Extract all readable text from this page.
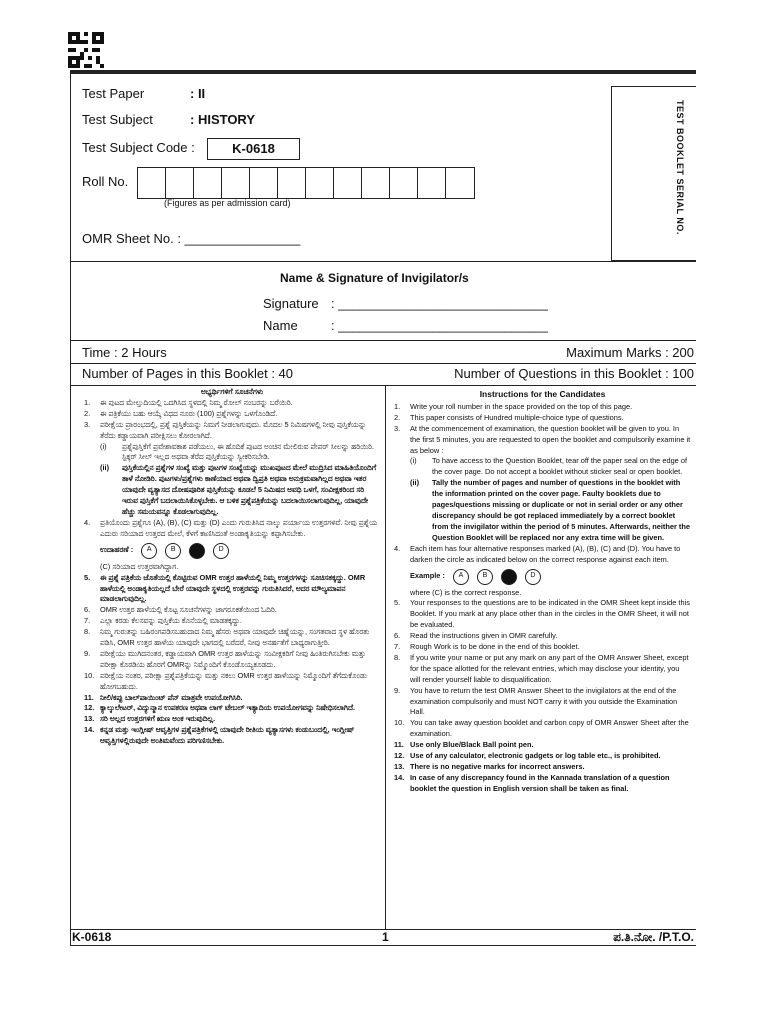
Test Paper	: II
Test Subject	: HISTORY
Test Subject Code :	K-0618
Roll No.
(Figures as per admission card)
OMR Sheet No. : ________________
TEST BOOKLET SERIAL NO.
Name & Signature of Invigilator/s
Signature : _____________________________
Name	: _____________________________
Time : 2 Hours	Maximum Marks : 200
Number of Pages in this Booklet : 40	Number of Questions in this Booklet : 100
ಅಭ್ಯರ್ಥಿಗಳಿಗೆ ಸೂಚನೆಗಳು
1.	ಈ ಪುಟದ ಮೇಲ್ತುದಿಯಲ್ಲಿ ಒದಗಿಸಿದ ಸ್ಥಳದಲ್ಲಿ ನಿಮ್ಮ ರೋಲ್ ನಂಬರನ್ನು ಬರೆಯಿರಿ.
2.	ಈ ಪತ್ರಿಕೆಯು ಬಹು ಆಯ್ಕೆ ವಿಧದ ನೂರು (100) ಪ್ರಶ್ನೆಗಳನ್ನು ಒಳಗೊಂಡಿದೆ.
3.	ಪರೀಕ್ಷೆಯ ಪ್ರಾರಂಭದಲ್ಲಿ, ಪ್ರಶ್ನೆ ಪುಸ್ತಿಕೆಯನ್ನು ನಿಮಗೆ ನೀಡಲಾಗುವುದು. ಮೊದಲ 5 ನಿಮಿಷಗಳಲ್ಲಿ ನೀವು ಪುಸ್ತಿಕೆಯನ್ನು ತೆರೆದು ಕಡ್ಡಾಯವಾಗಿ ಪರೀಕ್ಷಿಸಲು ಕೋರಲಾಗಿದೆ.
(i)	ಪ್ರಶ್ನೆಪುಸ್ತಿಕೆಗೆ ಪ್ರವೇಶಾವಕಾಶ ಪಡೆಯಲು, ಈ ಹೊದಿಕೆ ಪುಟದ ಅಂಚಿನ ಮೇಲಿರುವ ಪೇಪರ್ ಸೀಲನ್ನು ಹರಿಯಿರಿ. ಸ್ಟಿಕ್ಕರ್ ಸೀಲ್ ಇಲ್ಲದ ಅಥವಾ ತೆರೆದ ಪುಸ್ತಿಕೆಯನ್ನು ಸ್ವೀಕರಿಸಬೇಡಿ.
(ii)	ಪುಸ್ತಿಕೆಯಲ್ಲಿನ ಪ್ರಶ್ನೆಗಳ ಸಂಖ್ಯೆ ಮತ್ತು ಪುಟಗಳ ಸಂಖ್ಯೆಯನ್ನು ಮುಖಪುಟದ ಮೇಲೆ ಮುದ್ರಿಸಿದ ಮಾಹಿತಿಯೊಂದಿಗೆ ತಾಳೆ ನೋಡಿರಿ. ಪುಟಗಳು/ಪ್ರಶ್ನೆಗಳು ಕಾಣೆಯಾದ ಅಥವಾ ದ್ವಿಪ್ರತಿ ಅಥವಾ ಅನುಕ್ರಮವಾಗಿಲ್ಲದ ಅಥವಾ ಇತರ ಯಾವುದೇ ವ್ಯತ್ಯಾಸದ ದೋಷಪೂರಿತ ಪುಸ್ತಿಕೆಯನ್ನು ಕೂಡಲೆ 5 ನಿಮಿಷದ ಅವಧಿ ಒಳಗೆ, ಸಂವೀಕ್ಷಕರಿಂದ ಸರಿ ಇರುವ ಪುಸ್ತಿಕೆಗೆ ಬದಲಾಯಿಸಿಕೊಳ್ಳಬೇಕು. ಆ ಬಳಿಕ ಪ್ರಶ್ನೆಪತ್ರಿಕೆಯನ್ನು ಬದಲಾಯಿಸಲಾಗುವುದಿಲ್ಲ, ಯಾವುದೇ ಹೆಚ್ಚು ಸಮಯವನ್ನೂ ಕೊಡಲಾಗುವುದಿಲ್ಲ.
4.	ಪ್ರತಿಯೊಂದು ಪ್ರಶ್ನೆಗೂ (A), (B), (C) ಮತ್ತು (D) ಎಂದು ಗುರುತಿಸಿದ ನಾಲ್ಕು ಪರ್ಯಾಯ ಉತ್ತರಗಳಿವೆ. ನೀವು ಪ್ರಶ್ನೆಯ ಎದುರು ಸರಿಯಾದ ಉತ್ತರದ ಮೇಲೆ, ಕೆಳಗೆ ಕಾಣಿಸಿದಂತೆ ಅಂಡಾಕೃತಿಯನ್ನು ಕಪ್ಪಾಗಿಸಬೇಕು.
ಉದಾಹರಣೆ :	A	B	D
(C) ಸರಿಯಾದ ಉತ್ತರವಾಗಿದ್ದಾಗ.
5.	ಈ ಪ್ರಶ್ನೆ ಪತ್ರಿಕೆಯ ಜೊತೆಯಲ್ಲಿ ಕೊಟ್ಟಿರುವ OMR ಉತ್ತರ ಹಾಳೆಯಲ್ಲಿ ನಿಮ್ಮ ಉತ್ತರಗಳನ್ನು ಸೂಚಿಸತಕ್ಕದ್ದು. OMR ಹಾಳೆಯಲ್ಲಿ ಅಂಡಾಕೃತಿಯಲ್ಲದೆ ಬೇರೆ ಯಾವುದೇ ಸ್ಥಳದಲ್ಲಿ ಉತ್ತರವನ್ನು ಗುರುತಿಸಿದರೆ, ಅದರ ಮೌಲ್ಯಮಾಪನ ಮಾಡಲಾಗುವುದಿಲ್ಲ.
6.	OMR ಉತ್ತರ ಹಾಳೆಯಲ್ಲಿ ಕೊಟ್ಟ ಸೂಚನೆಗಳನ್ನು ಜಾಗರೂಕತೆಯಿಂದ ಓದಿರಿ.
7.	ಎಲ್ಲಾ ಕರಡು ಕೆಲಸವನ್ನು ಪುಸ್ತಿಕೆಯ ಕೊನೆಯಲ್ಲಿ ಮಾಡತಕ್ಕದ್ದು.
8.	ನಿಮ್ಮ ಗುರುತನ್ನು ಬಹಿರಂಗಪಡಿಸಬಹುದಾದ ನಿಮ್ಮ ಹೆಸರು ಅಥವಾ ಯಾವುದೇ ಚಿಹ್ನೆಯನ್ನು, ಸಂಗತವಾದ ಸ್ಥಳ ಹೊರತು ಪಡಿಸಿ, OMR ಉತ್ತರ ಹಾಳೆಯ ಯಾವುದೇ ಭಾಗದಲ್ಲಿ ಬರೆದರೆ, ನೀವು ಅನರ್ಹತೆಗೆ ಬಾಧ್ಯರಾಗುತ್ತೀರಿ.
9.	ಪರೀಕ್ಷೆಯು ಮುಗಿದನಂತರ, ಕಡ್ಡಾಯವಾಗಿ OMR ಉತ್ತರ ಹಾಳೆಯನ್ನು ಸಂವೀಕ್ಷಕರಿಗೆ ನೀವು ಹಿಂತಿರುಗಿಸಬೇಕು ಮತ್ತು ಪರೀಕ್ಷಾ ಕೊಠಡಿಯ ಹೊರಗೆ OMRನ್ನು ನಿಮ್ಮೊಂದಿಗೆ ಕೊಂಡೊಯ್ಯಕೂಡದು.
10. ಪರೀಕ್ಷೆಯ ನಂತರ, ಪರೀಕ್ಷಾ ಪ್ರಶ್ನೆಪತ್ರಿಕೆಯನ್ನು ಮತ್ತು ನಕಲು OMR ಉತ್ತರ ಹಾಳೆಯನ್ನು ನಿಮ್ಮೊಂದಿಗೆ ತೆಗೆದುಕೊಂಡು ಹೋಗಬಹುದು.
11. ನೀಲಿ/ಕಪ್ಪು ಬಾಲ್‌ಪಾಯಿಂಟ್ ಪೆನ್ ಮಾತ್ರವೇ ಉಪಯೋಗಿಸಿರಿ.
12. ಕ್ಯಾಲ್ಕುಲೇಟರ್, ವಿದ್ಯುನ್ಮಾನ ಉಪಕರಣ ಅಥವಾ ಲಾಗ್ ಟೇಬಲ್ ಇತ್ಯಾದಿಯ ಉಪಯೋಗವನ್ನು ನಿಷೇಧಿಸಲಾಗಿದೆ.
13. ಸರಿ ಅಲ್ಲದ ಉತ್ತರಗಳಿಗೆ ಋಣ ಅಂಕ ಇರುವುದಿಲ್ಲ.
14. ಕನ್ನಡ ಮತ್ತು ಇಂಗ್ಲೀಷ್ ಆವೃತ್ತಿಗಳ ಪ್ರಶ್ನೆಪತ್ರಿಕೆಗಳಲ್ಲಿ ಯಾವುದೇ ರೀತಿಯ ವ್ಯತ್ಯಾಸಗಳು ಕಂಡುಬಂದಲ್ಲಿ, ಇಂಗ್ಲೀಷ್ ಆವೃತ್ತಿಗಳಲ್ಲಿರುವುದೇ ಅಂತಿಮವೆಂದು ಪರಿಗಣಿಸಬೇಕು.
Instructions for the Candidates
1.	Write your roll number in the space provided on the top of this page.
2.	This paper consists of Hundred multiple-choice type of questions.
3.	At the commencement of examination, the question booklet will be given to you. In the first 5 minutes, you are requested to open the booklet and compulsorily examine it as below :
(i)	To have access to the Question Booklet, tear off the paper seal on the edge of the cover page. Do not accept a booklet without sticker seal or open booklet.
(ii)	Tally the number of pages and number of questions in the booklet with the information printed on the cover page. Faulty booklets due to pages/questions missing or duplicate or not in serial order or any other discrepancy should be got replaced immediately by a correct booklet from the invigilator within the period of 5 minutes. Afterwards, neither the Question Booklet will be replaced nor any extra time will be given.
4.	Each item has four alternative responses marked (A), (B), (C) and (D). You have to darken the circle as indicated below on the correct response against each item.
Example :	A	B	D
where (C) is the correct response.
5.	Your responses to the questions are to be indicated in the OMR Sheet kept inside this Booklet. If you mark at any place other than in the circles in the OMR Sheet, it will not be evaluated.
6.	Read the instructions given in OMR carefully.
7.	Rough Work is to be done in the end of this booklet.
8.	If you write your name or put any mark on any part of the OMR Answer Sheet, except for the space allotted for the relevant entries, which may disclose your identity, you will render yourself liable to disqualification.
9.	You have to return the test OMR Answer Sheet to the invigilators at the end of the examination compulsorily and must NOT carry it with you outside the Examination Hall.
10. You can take away question booklet and carbon copy of OMR Answer Sheet after the examination.
11. Use only Blue/Black Ball point pen.
12. Use of any calculator, electronic gadgets or log table etc., is prohibited.
13. There is no negative marks for incorrect answers.
14. In case of any discrepancy found in the Kannada translation of a question booklet the question in English version shall be taken as final.
K-0618	1	ಪ.ತಿ.ನೋ. /P.T.O.
